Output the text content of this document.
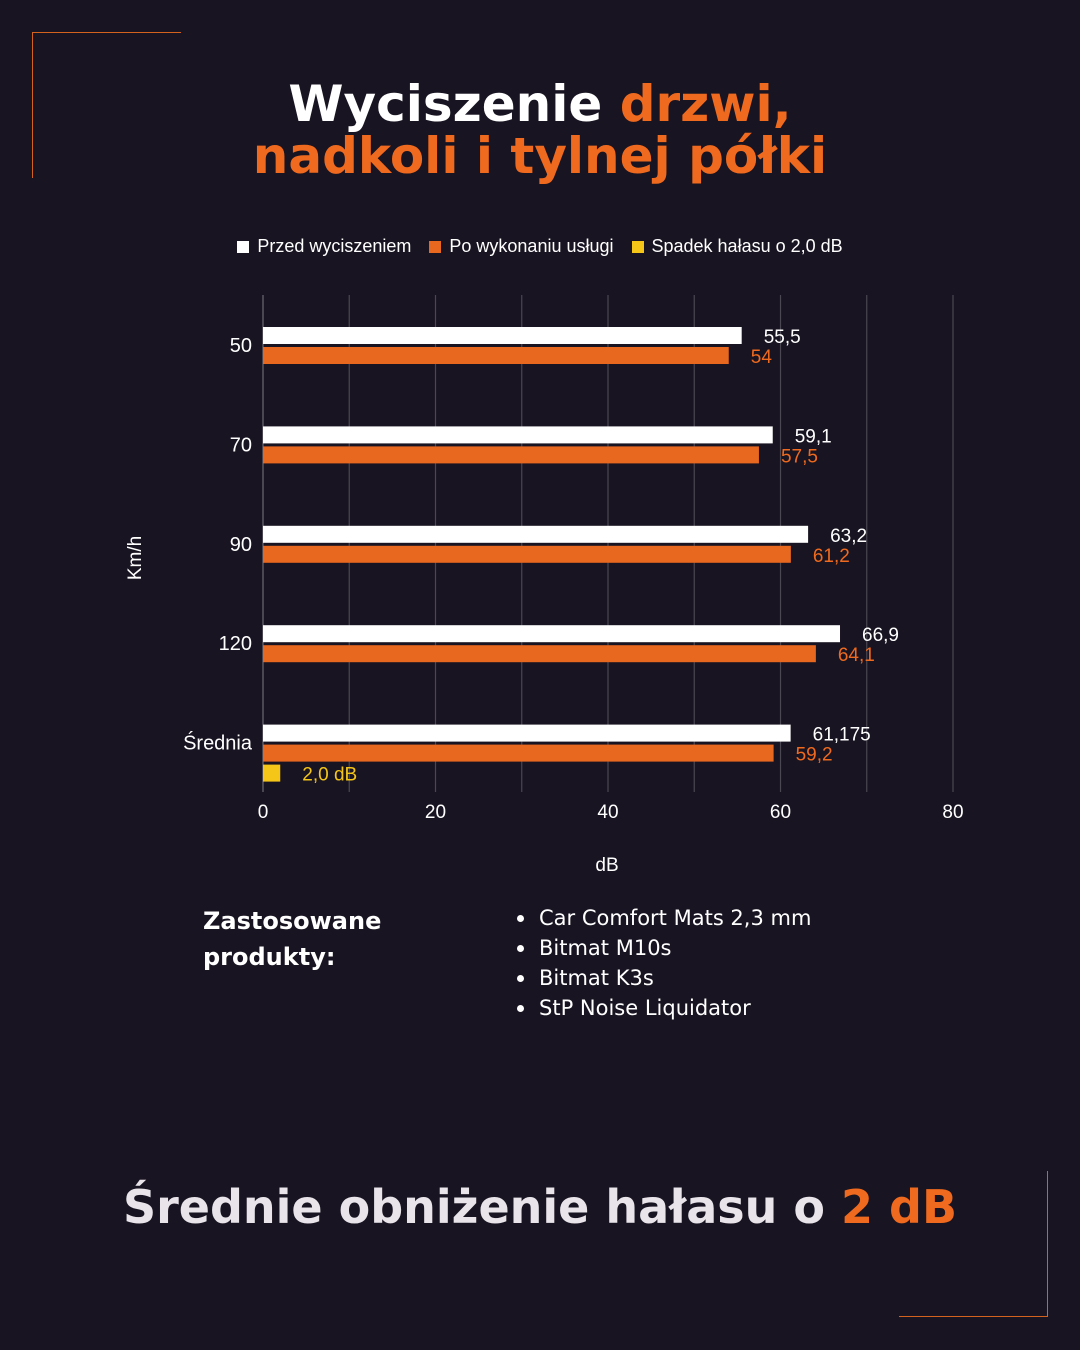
Wyciszenie drzwi,
nadkoli i tylnej półki
Przed wyciszeniem Po wykonaniu usługi Spadek hałasu o 2,0 dB
0	20	40	60	80
dB
Km/h
50	55,5
54
70	59,1
57,5
90	63,2
61,2
120	66,9
64,1
Średnia	61,175
59,2
2,0 dB
Zastosowane produkty:
Car Comfort Mats 2,3 mm
Bitmat M10s
Bitmat K3s
StP Noise Liquidator
Średnie obniżenie hałasu o 2 dB
